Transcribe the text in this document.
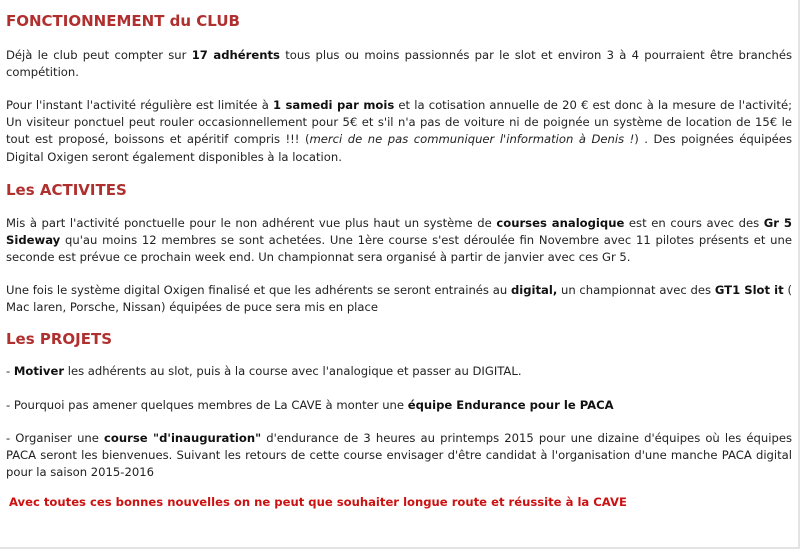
FONCTIONNEMENT du CLUB

Déjà le club peut compter sur 17 adhérents tous plus ou moins passionnés par le slot et environ 3 à 4 pourraient être branchés compétition.

Pour l'instant l'activité régulière est limitée à 1 samedi par mois et la cotisation annuelle de 20 € est donc à la mesure de l'activité; Un visiteur ponctuel peut rouler occasionnellement pour 5€ et s'il n'a pas de voiture ni de poignée un système de location de 15€ le tout est proposé, boissons et apéritif compris !!! (merci de ne pas communiquer l'information à Denis !) . Des poignées équipées Digital Oxigen seront également disponibles à la location.

Les ACTIVITES

Mis à part l'activité ponctuelle pour le non adhérent vue plus haut un système de courses analogique est en cours avec des Gr 5 Sideway qu'au moins 12 membres se sont achetées. Une 1ère course s'est déroulée fin Novembre avec 11 pilotes présents et une seconde est prévue ce prochain week end. Un championnat sera organisé à partir de janvier avec ces Gr 5.

Une fois le système digital Oxigen finalisé et que les adhérents se seront entrainés au digital, un championnat avec des GT1 Slot it ( Mac laren, Porsche, Nissan) équipées de puce sera mis en place

Les PROJETS

- Motiver les adhérents au slot, puis à la course avec l'analogique et passer au DIGITAL.

- Pourquoi pas amener quelques membres de La CAVE à monter une équipe Endurance pour le PACA

- Organiser une course "d'inauguration" d'endurance de 3 heures au printemps 2015 pour une dizaine d'équipes où les équipes PACA seront les bienvenues. Suivant les retours de cette course envisager d'être candidat à l'organisation d'une manche PACA digital pour la saison 2015-2016

Avec toutes ces bonnes nouvelles on ne peut que souhaiter longue route et réussite à la CAVE
